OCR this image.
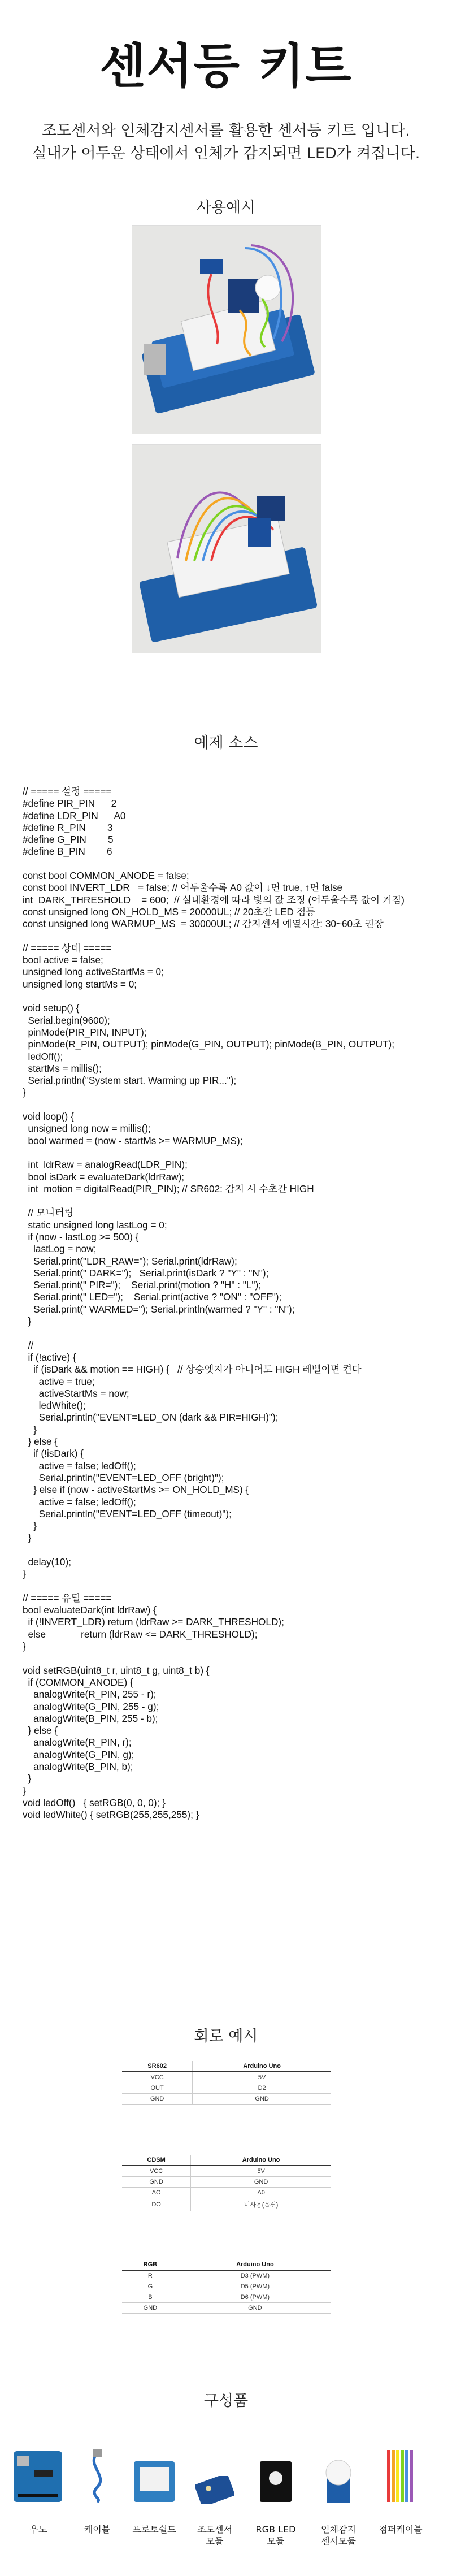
센서등 키트
조도센서와 인체감지센서를 활용한 센서등 키트 입니다.
실내가 어두운 상태에서 인체가 감지되면 LED가 켜집니다.
사용예시
예제 소스
// ===== 설정 =====
#define PIR_PIN      2
#define LDR_PIN      A0
#define R_PIN        3
#define G_PIN        5
#define B_PIN        6

const bool COMMON_ANODE = false;
const bool INVERT_LDR   = false; // 어두울수록 A0 값이 ↓면 true, ↑면 false
int  DARK_THRESHOLD    = 600;  // 실내환경에 따라 빛의 값 조정 (어두울수록 값이 커짐)
const unsigned long ON_HOLD_MS = 20000UL; // 20초간 LED 점등
const unsigned long WARMUP_MS  = 30000UL; // 감지센서 예열시간: 30~60초 권장

// ===== 상태 =====
bool active = false;
unsigned long activeStartMs = 0;
unsigned long startMs = 0;

void setup() {
Serial.begin(9600);
pinMode(PIR_PIN, INPUT);
pinMode(R_PIN, OUTPUT); pinMode(G_PIN, OUTPUT); pinMode(B_PIN, OUTPUT);
ledOff();
startMs = millis();
Serial.println("System start. Warming up PIR...");
}

void loop() {
unsigned long now = millis();
bool warmed = (now - startMs >= WARMUP_MS);

int  ldrRaw = analogRead(LDR_PIN);
bool isDark = evaluateDark(ldrRaw);
int  motion = digitalRead(PIR_PIN); // SR602: 감지 시 수초간 HIGH

// 모니터링
static unsigned long lastLog = 0;
if (now - lastLog >= 500) {
lastLog = now;
Serial.print("LDR_RAW="); Serial.print(ldrRaw);
Serial.print(" DARK=");   Serial.print(isDark ? "Y" : "N");
Serial.print(" PIR=");    Serial.print(motion ? "H" : "L");
Serial.print(" LED=");    Serial.print(active ? "ON" : "OFF");
Serial.print(" WARMED="); Serial.println(warmed ? "Y" : "N");
}

//
if (!active) {
if (isDark && motion == HIGH) {   // 상승엣지가 아니어도 HIGH 레벨이면 켠다
active = true;
activeStartMs = now;
ledWhite();
Serial.println("EVENT=LED_ON (dark && PIR=HIGH)");
}
} else {
if (!isDark) {
active = false; ledOff();
Serial.println("EVENT=LED_OFF (bright)");
} else if (now - activeStartMs >= ON_HOLD_MS) {
active = false; ledOff();
Serial.println("EVENT=LED_OFF (timeout)");
}
}

delay(10);
}

// ===== 유틸 =====
bool evaluateDark(int ldrRaw) {
if (!INVERT_LDR) return (ldrRaw >= DARK_THRESHOLD);
else             return (ldrRaw <= DARK_THRESHOLD);
}

void setRGB(uint8_t r, uint8_t g, uint8_t b) {
if (COMMON_ANODE) {
analogWrite(R_PIN, 255 - r);
analogWrite(G_PIN, 255 - g);
analogWrite(B_PIN, 255 - b);
} else {
analogWrite(R_PIN, r);
analogWrite(G_PIN, g);
analogWrite(B_PIN, b);
}
}
void ledOff()   { setRGB(0, 0, 0); }
void ledWhite() { setRGB(255,255,255); }
회로 예시
SR602	Arduino Uno
VCC	5V
OUT	D2
GND	GND
CDSM	Arduino Uno
VCC	5V
GND	GND
AO	A0
DO	미사용(옵션)
RGB	Arduino Uno
R	D3 (PWM)
G	D5 (PWM)
B	D6 (PWM)
GND	GND
구성품
우노	케이블	프로토쉴드	조도센서
모듈
RGB LED
모듈
인체감지
센서모듈
점퍼케이블
